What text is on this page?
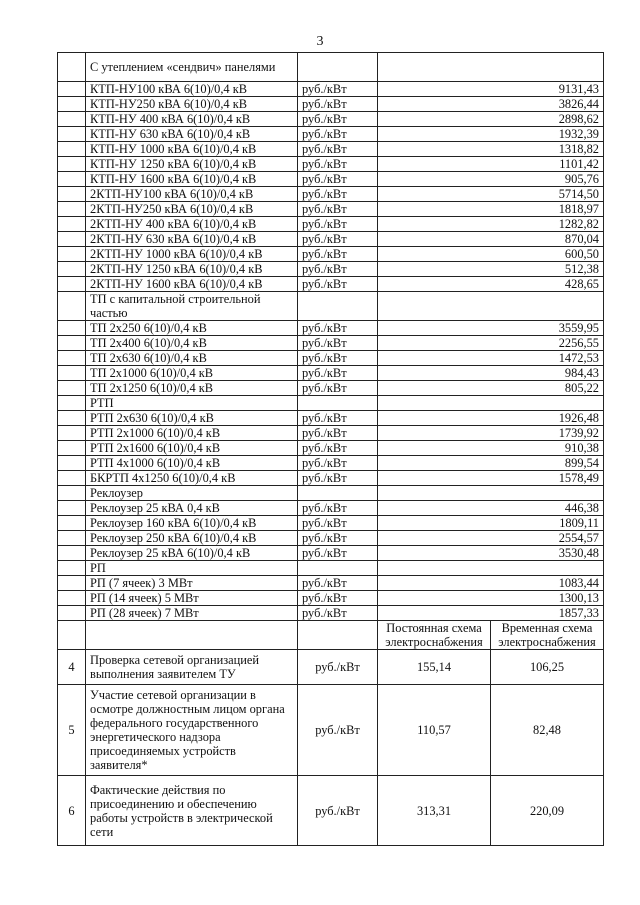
3
	С утеплением «сендвич» панелями			
	КТП-НУ100 кВА 6(10)/0,4 кВ	руб./кВт	9131,43	
	КТП-НУ250 кВА 6(10)/0,4 кВ	руб./кВт	3826,44	
	КТП-НУ 400 кВА 6(10)/0,4 кВ	руб./кВт	2898,62	
	КТП-НУ 630 кВА 6(10)/0,4 кВ	руб./кВт	1932,39	
	КТП-НУ 1000 кВА 6(10)/0,4 кВ	руб./кВт	1318,82	
	КТП-НУ 1250 кВА 6(10)/0,4 кВ	руб./кВт	1101,42	
	КТП-НУ 1600 кВА 6(10)/0,4 кВ	руб./кВт	905,76	
	2КТП-НУ100 кВА 6(10)/0,4 кВ	руб./кВт	5714,50	
	2КТП-НУ250 кВА 6(10)/0,4 кВ	руб./кВт	1818,97	
	2КТП-НУ 400 кВА 6(10)/0,4 кВ	руб./кВт	1282,82	
	2КТП-НУ 630 кВА 6(10)/0,4 кВ	руб./кВт	870,04	
	2КТП-НУ 1000 кВА 6(10)/0,4 кВ	руб./кВт	600,50	
	2КТП-НУ 1250 кВА 6(10)/0,4 кВ	руб./кВт	512,38	
	2КТП-НУ 1600 кВА 6(10)/0,4 кВ	руб./кВт	428,65	
	ТП с капитальной строительной частью			
	ТП 2х250 6(10)/0,4 кВ	руб./кВт	3559,95	
	ТП 2х400 6(10)/0,4 кВ	руб./кВт	2256,55	
	ТП 2х630 6(10)/0,4 кВ	руб./кВт	1472,53	
	ТП 2х1000 6(10)/0,4 кВ	руб./кВт	984,43	
	ТП 2х1250 6(10)/0,4 кВ	руб./кВт	805,22	
	РТП			
	РТП 2х630 6(10)/0,4 кВ	руб./кВт	1926,48	
	РТП 2х1000 6(10)/0,4 кВ	руб./кВт	1739,92	
	РТП 2х1600 6(10)/0,4 кВ	руб./кВт	910,38	
	РТП 4х1000 6(10)/0,4 кВ	руб./кВт	899,54	
	БКРТП 4х1250 6(10)/0,4 кВ	руб./кВт	1578,49	
	Реклоузер			
	Реклоузер 25 кВА 0,4 кВ	руб./кВт	446,38	
	Реклоузер 160 кВА 6(10)/0,4 кВ	руб./кВт	1809,11	
	Реклоузер 250 кВА 6(10)/0,4 кВ	руб./кВт	2554,57	
	Реклоузер 25 кВА 6(10)/0,4 кВ	руб./кВт	3530,48	
	РП			
	РП (7 ячеек) 3 МВт	руб./кВт	1083,44	
	РП (14 ячеек) 5 МВт	руб./кВт	1300,13	
	РП (28 ячеек) 7 МВт	руб./кВт	1857,33	
			Постоянная схема электроснабжения	Временная схема электроснабжения
4	Проверка сетевой организацией выполнения заявителем ТУ	руб./кВт	155,14	106,25
5	Участие сетевой организации в осмотре должностным лицом органа федерального государственного энергетического надзора присоединяемых устройств заявителя*	руб./кВт	110,57	82,48
6	Фактические действия по присоединению и обеспечению работы устройств в электрической сети	руб./кВт	313,31	220,09
